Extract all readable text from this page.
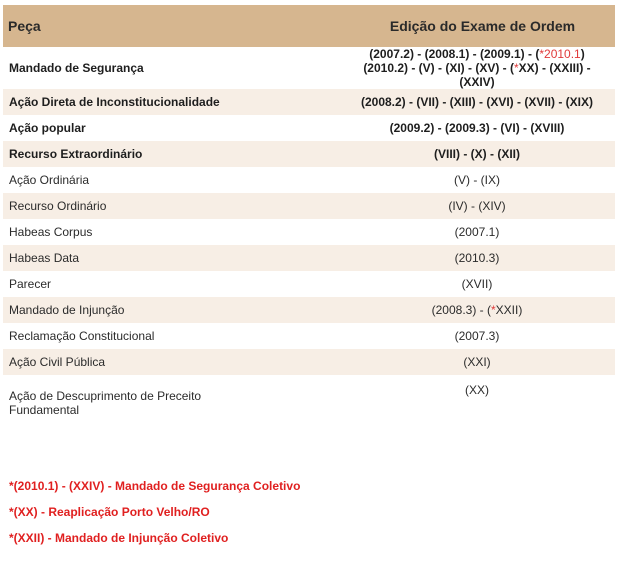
Peça	Edição do Exame de Ordem
Mandado de Segurança	(2007.2) - (2008.1) - (2009.1) - (*2010.1)
(2010.2) - (V) - (XI) - (XV) - (*XX) - (XXIII) - (XXIV)
Ação Direta de Inconstitucionalidade	(2008.2) - (VII) - (XIII) - (XVI) - (XVII) - (XIX)
Ação popular	(2009.2) - (2009.3) - (VI) - (XVIII)
Recurso Extraordinário	(VIII) - (X) - (XII)
Ação Ordinária	(V) - (IX)
Recurso Ordinário	(IV) - (XIV)
Habeas Corpus	(2007.1)
Habeas Data	(2010.3)
Parecer	(XVII)
Mandado de Injunção	(2008.3) - (*XXII)
Reclamação Constitucional	(2007.3)
Ação Civil Pública	(XXI)
Ação de Descuprimento de Preceito Fundamental	(XX)
*(2010.1) - (XXIV) - Mandado de Segurança Coletivo
*(XX) - Reaplicação Porto Velho/RO
*(XXII) - Mandado de Injunção Coletivo
